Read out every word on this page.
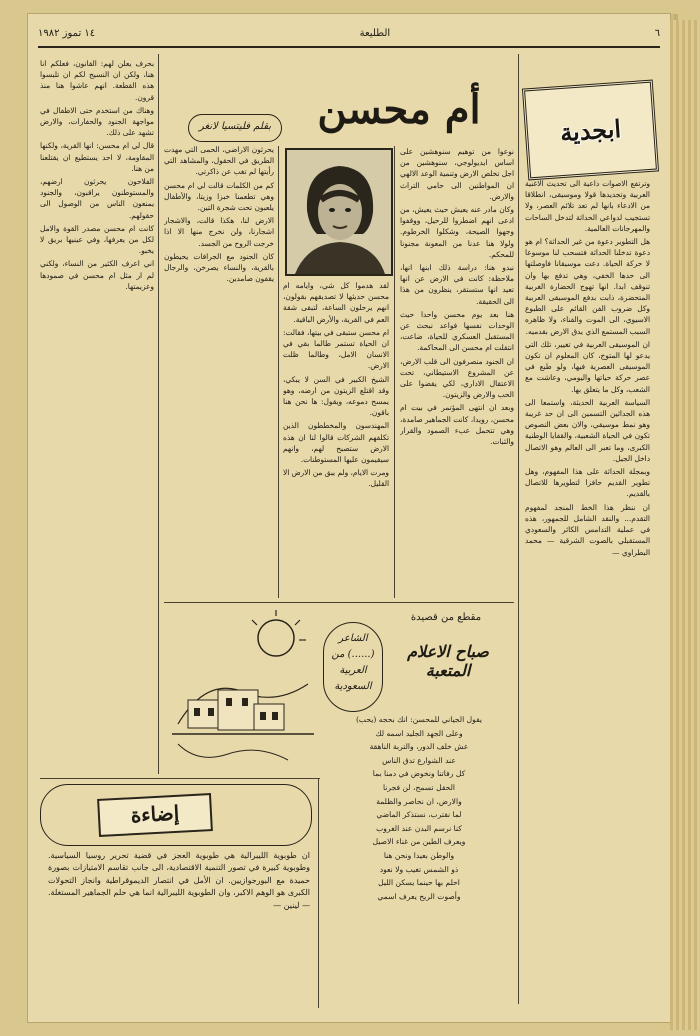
١٤ تموز ١٩٨٢	الطليعة	٦
ابجدية

وترتفع الاصوات داعية الى تحديث الاغنية العربية وتجديدها قولا وموسيقى، انطلاقا من الادعاء بانها لم تعد تلائم العصر، ولا تستجيب لدواعي الحداثة لتدخل الساحات والمهرجانات العالمية.

هل التطوير دعوة من غير الحداثة؟ ام هو دعوة تدخلنا الحداثة فتسحب لنا موسوعا لا حركة الحياة. دعت موسيقانا فاوصلتها الى حدها الخفي، وهي تدفع بها وان تنوقف ابدا. انها تهوج الحضارة الغربية المتحضرة، ذابت بدفع الموسيقى العربية وكل ضروب الفن القائم على الطبوع الاسيوي، الى الموت والفناء، ولا ظاهره السبب المستمع الذي يدق الارض بقدميه.

ان الموسيقى العربية في تغيير، تلك التي يدعو لها المتوج، كان المعلوم ان تكون الموسيقى العصرية فيها، ولو طبع في عصر حركة حياتها واليومي، وعاشت مع الشعب، وكل ما يتعلق بها.

السياسة العربية الحديثة، واستمعا الى هذه الجداثين التسمين الى ان حد غريبة وهو نمط موسيقي، والان بعض النصوص تكون في الحياة الشعبية، والقفايا الوطنية الكبرى، وما تعبر الى العالم وهو الاتصال داخل الجيل.

وبمجلة الحداثة على هذا المفهوم، وهل تطوير القديم حافزا لتطويرها للاتصال بالقديم.

ان ننظر هذا الخط المنجد لمفهوم التقدم... والنقد الشامل للجمهور، هذه في عملية التدامس الكاثر والسعودي المستقبلي بالصوت الشرقية — محمد البطراوي —

أم محسن
بقلم فليتسيا لانغر

نوعوا من توهيم سنوهشين على اساس ايديولوجي، سنوهشين من اجل تخلص الارض وتنمية الوعد الالهي ان المواطنين الى حامي التراث والارض.

وكان مادر عنه يعيش حيث يعيش، من ادعى انهم اضطروا للرحيل، ووقفوا وجهوا الصيحة، وشكلوا الخرطوم. ولولا هنا عدنا من المعونة مجنونا للمحكم.

نبدو هنا: دراسة ذلك ابنها انها، ملاحظة: كانت في الارض عن انها تعيد انها ستستقر، ينظرون من هذا الى الحقيقة.

هنا بعد يوم محسن واحدا حيث الوحدات نفسها فواعد نبحث عن المستقبل العسكري للحياة، ضاعت، انتقلت ام محسن الى المحاكمة.

ان الجنود منصرفون الى قلب الارض، عن المشروع الاستيطاني، تحت الاعتقال الاداري، لكي يقضوا على الحب والارض والزيتون.

وبعد ان انتهى المؤتمر في بيت ام محسن، رويدا، كانت الجماهير صامدة، وهي تتحمل عبء الصمود والقرار والثبات.

لقد هدموا كل شي، وايامه ام محسن حديثها لا تصديقهم بقولون، انهم يرحلون الساعة، لتبقى شقة العم في القرية، والأرض الباقية.

ام محسن ستبقى في بيتها، فقالت: ان الحياة تستمر طالما بقي في الانسان الامل، وطالما ظلت الارض.

الشيخ الكبير في السن لا يبكي، وقد اقتلع الزيتون من ارضه، وهو يمسح دموعه، ويقول: ها نحن هنا باقون.

المهندسون والمخططون الذين تكلفهم الشركات قالوا لنا ان هذه الارض ستصبح لهم، وانهم سيقيمون عليها المستوطنات.

ومرت الايام، ولم يبق من الارض الا القليل.

يحرثون الاراضي، الحمى التي مهدت الطريق في الحقول، والمشاهد التي رأيتها لم تغب عن ذاكرتي.

كم من الكلمات قالت لي ام محسن وهي تطعمنا خبزا وزيتا، والأطفال يلعبون تحت شجرة التين.

الارض لنا، هكذا قالت، والاشجار اشجارنا، ولن نخرج منها الا اذا خرجت الروح من الجسد.

كان الجنود مع الجرافات يحيطون بالقرية، والنساء يصرخن، والرجال يقفون صامدين.

بحرف يعلن لهم: القانون، فعلكم انا هنا، ولكن ان النسيج لكم ان تلبسوا هذه القطعة. انهم عاشوا هنا منذ قرون.

وهناك من استخدم حتى الاطفال في مواجهة الجنود والحفارات، والارض تشهد على ذلك.

قال لي ام محسن: انها القرية، ولكنها المقاومة، لا احد يستطيع ان يقتلعنا من هنا.

الفلاحون يحرثون ارضهم، والمستوطنون يراقبون، والجنود يمنعون الناس من الوصول الى حقولهم.

كانت ام محسن مصدر القوة والامل لكل من يعرفها، وفي عينيها بريق لا يخبو.

اني اعرف الكثير من النساء، ولكني لم ار مثل ام محسن في صمودها وعزيمتها.

مقطع من قصيدة
صباح الاعلام المتعبة
الشاعر (......) من العربية السعودية

يقول الجياني للمحسن: انك بحجه (يحب)

وعلى الجهد الجليد اسمه لك

عش خلف الدور، والتربة الناهقة

عند الشوارع تدق الناس

كل رفاتنا ونخوض في دمنا بما

الحقل تسمح، لن فجرنا

والارض، ان نحاصر والظلمة

لما نقترب، نستذكر الماضي

كنا نرسم البدن عند الغروب

ويعرف الطين من غناء الاصيل

والوطن بعيدا ونحن هنا

ذو الشمس تغيب ولا نعود

احلم بها حينما يسكن الليل

وأصوت الريح يعرف اسمي

إضاءة

ان طوبوية الليبرالية هي طوبوية العجز في قضية تحرير روسيا السياسية. وطوبوية كبيرة في تصور التنمية الاقتصادية، الى جانب تقاسم الامتيازات بصورة حميدة مع البورجوازيين. ان الأمل في انتصار الديموقراطية وانجاز التحولات الكبرى هو الوهم الاكبر، وان الطوبوية الليبرالية انما هي حلم الجماهير المستغلة. — لينين —
